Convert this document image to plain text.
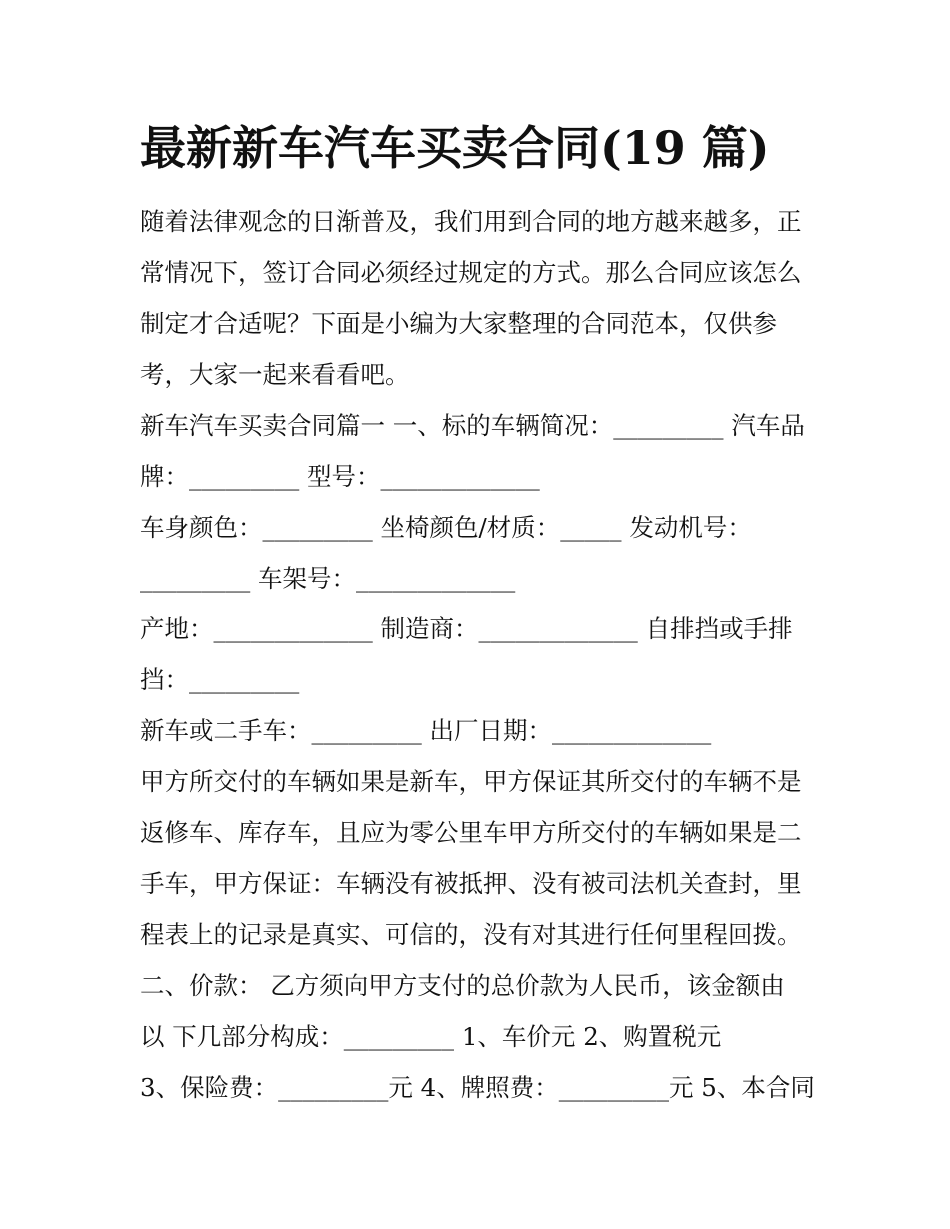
最新新车汽车买卖合同(19 篇)

随着法律观念的日渐普及，我们用到合同的地方越来越多，正

常情况下，签订合同必须经过规定的方式。那么合同应该怎么

制定才合适呢？下面是小编为大家整理的合同范本，仅供参

考，大家一起来看看吧。

新车汽车买卖合同篇一 一、标的车辆简况：_________ 汽车品

牌：_________ 型号：_____________

车身颜色：_________ 坐椅颜色/材质：_____ 发动机号：

_________ 车架号：_____________

产地：_____________ 制造商：_____________ 自排挡或手排

挡：_________

新车或二手车：_________ 出厂日期：_____________

甲方所交付的车辆如果是新车，甲方保证其所交付的车辆不是

返修车、库存车，且应为零公里车甲方所交付的车辆如果是二

手车，甲方保证：车辆没有被抵押、没有被司法机关查封，里

程表上的记录是真实、可信的，没有对其进行任何里程回拨。

二、价款： 乙方须向甲方支付的总价款为人民币，该金额由

以 下几部分构成：_________ 1、车价元 2、购置税元

3、保险费：_________元 4、牌照费：_________元 5、本合同
